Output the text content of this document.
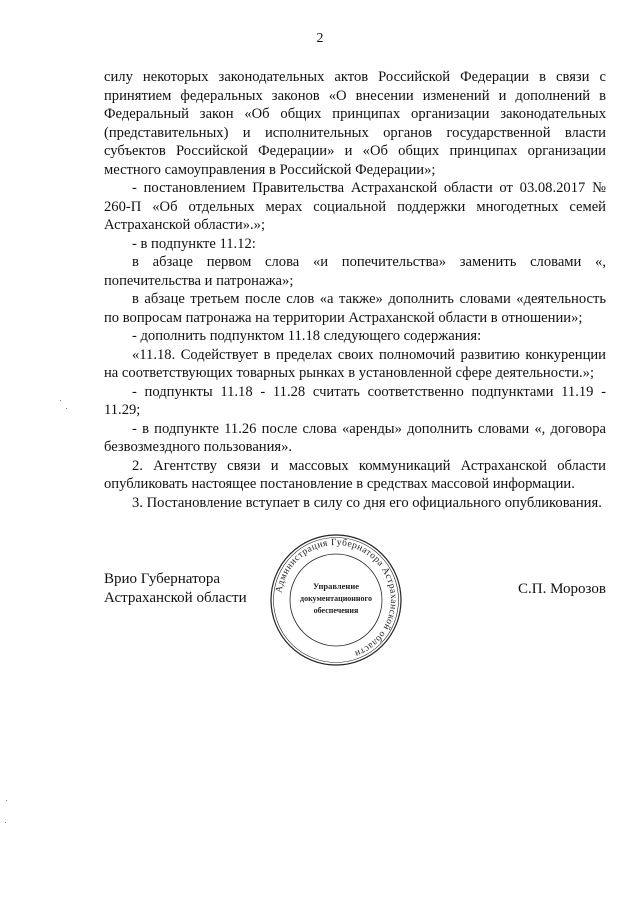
2

силу некоторых законодательных актов Российской Федерации в связи с принятием федеральных законов «О внесении изменений и дополнений в Федеральный закон «Об общих принципах организации законодательных (представительных) и исполнительных органов государственной власти субъектов Российской Федерации» и «Об общих принципах организации местного самоуправления в Российской Федерации»;

- постановлением Правительства Астраханской области от 03.08.2017 № 260-П «Об отдельных мерах социальной поддержки многодетных семей Астраханской области».»;

- в подпункте 11.12:

в абзаце первом слова «и попечительства» заменить словами «, попечительства и патронажа»;

в абзаце третьем после слов «а также» дополнить словами «деятельность по вопросам патронажа на территории Астраханской области в отношении»;

- дополнить подпунктом 11.18 следующего содержания:

«11.18. Содействует в пределах своих полномочий развитию конкуренции на соответствующих товарных рынках в установленной сфере деятельности.»;

- подпункты 11.18 - 11.28 считать соответственно подпунктами 11.19 - 11.29;

- в подпункте 11.26 после слова «аренды» дополнить словами «, договора безвозмездного пользования».

2. Агентству связи и массовых коммуникаций Астраханской области опубликовать настоящее постановление в средствах массовой информации.

3. Постановление вступает в силу со дня его официального опубликования.

Врио Губернатора
Астраханской области
С.П. Морозов
Администрация Губернатора Астраханской области
Управление
документационного
обеспечения
